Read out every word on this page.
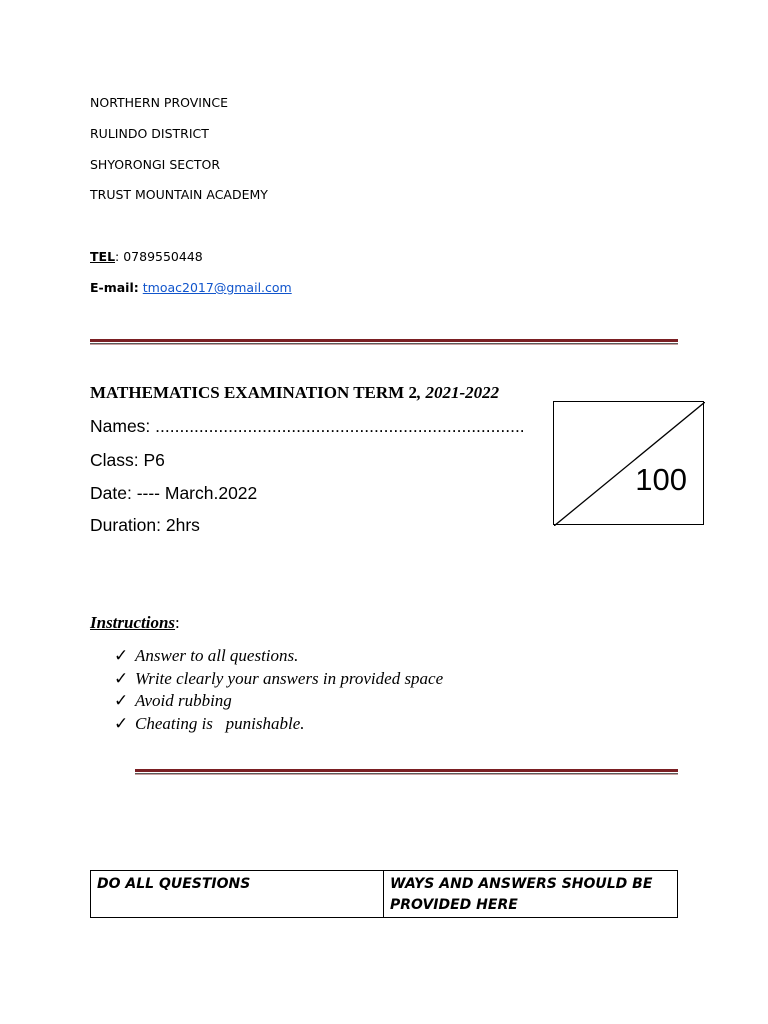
NORTHERN PROVINCE
RULINDO DISTRICT
SHYORONGI SECTOR
TRUST MOUNTAIN ACADEMY
TEL: 0789550448
E-mail: tmoac2017@gmail.com
MATHEMATICS EXAMINATION TERM 2, 2021-2022
Names: ............................................................................
Class: P6
Date: ---- March.2022
Duration: 2hrs
100
Instructions:
✓ Answer to all questions.
✓ Write clearly your answers in provided space
✓ Avoid rubbing
✓ Cheating is   punishable.
DO ALL QUESTIONS	WAYS AND ANSWERS SHOULD BE PROVIDED HERE
